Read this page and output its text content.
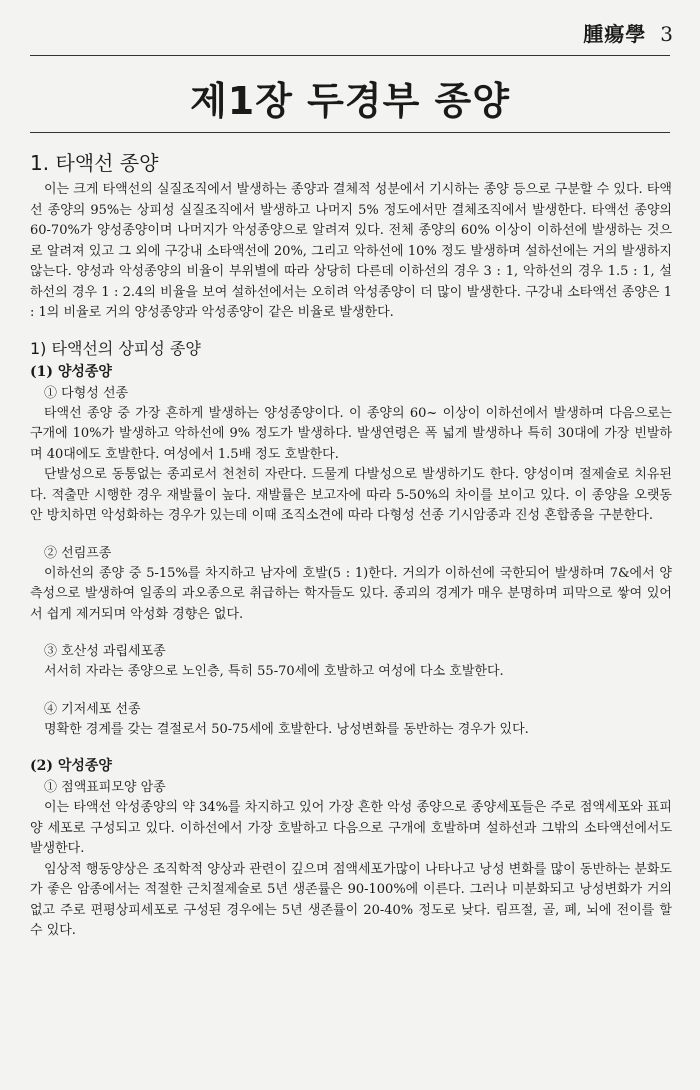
腫瘍學 3
제1장 두경부 종양
1. 타액선 종양

이는 크게 타액선의 실질조직에서 발생하는 종양과 결체적 성분에서 기시하는 종양 등으로 구분할 수 있다. 타액선 종양의 95%는 상피성 실질조직에서 발생하고 나머지 5% 정도에서만 결체조직에서 발생한다. 타액선 종양의 60-70%가 양성종양이며 나머지가 악성종양으로 알려져 있다. 전체 종양의 60% 이상이 이하선에 발생하는 것으로 알려져 있고 그 외에 구강내 소타액선에 20%, 그리고 악하선에 10% 정도 발생하며 설하선에는 거의 발생하지 않는다. 양성과 악성종양의 비율이 부위별에 따라 상당히 다른데 이하선의 경우 3 : 1, 악하선의 경우 1.5 : 1, 설하선의 경우 1 : 2.4의 비율을 보여 설하선에서는 오히려 악성종양이 더 많이 발생한다. 구강내 소타액선 종양은 1 : 1의 비율로 거의 양성종양과 악성종양이 같은 비율로 발생한다.

1) 타액선의 상피성 종양
(1) 양성종양
① 다형성 선종

타액선 종양 중 가장 흔하게 발생하는 양성종양이다. 이 종양의 60~ 이상이 이하선에서 발생하며 다음으로는 구개에 10%가 발생하고 악하선에 9% 정도가 발생하다. 발생연령은 폭 넓게 발생하나 특히 30대에 가장 빈발하며 40대에도 호발한다. 여성에서 1.5배 정도 호발한다.

단발성으로 동통없는 종괴로서 천천히 자란다. 드물게 다발성으로 발생하기도 한다. 양성이며 절제술로 치유된다. 적출만 시행한 경우 재발률이 높다. 재발률은 보고자에 따라 5-50%의 차이를 보이고 있다. 이 종양을 오랫동안 방치하면 악성화하는 경우가 있는데 이때 조직소견에 따라 다형성 선종 기시암종과 진성 혼합종을 구분한다.

② 선림프종

이하선의 종양 중 5-15%를 차지하고 남자에 호발(5 : 1)한다. 거의가 이하선에 국한되어 발생하며 7&에서 양측성으로 발생하여 일종의 과오종으로 취급하는 학자들도 있다. 종괴의 경계가 매우 분명하며 피막으로 쌓여 있어서 쉽게 제거되며 악성화 경향은 없다.

③ 호산성 과립세포종

서서히 자라는 종양으로 노인층, 특히 55-70세에 호발하고 여성에 다소 호발한다.

④ 기저세포 선종

명확한 경계를 갖는 결절로서 50-75세에 호발한다. 낭성변화를 동반하는 경우가 있다.

(2) 악성종양
① 점액표피모양 암종

이는 타액선 악성종양의 약 34%를 차지하고 있어 가장 흔한 악성 종양으로 종양세포들은 주로 점액세포와 표피양 세포로 구성되고 있다. 이하선에서 가장 호발하고 다음으로 구개에 호발하며 설하선과 그밖의 소타액선에서도 발생한다.

임상적 행동양상은 조직학적 양상과 관련이 깊으며 점액세포가많이 나타나고 낭성 변화를 많이 동반하는 분화도가 좋은 암종에서는 적절한 근치절제술로 5년 생존률은 90-100%에 이른다. 그러나 미분화되고 낭성변화가 거의 없고 주로 편평상피세포로 구성된 경우에는 5년 생존률이 20-40% 정도로 낮다. 림프절, 골, 폐, 뇌에 전이를 할 수 있다.
